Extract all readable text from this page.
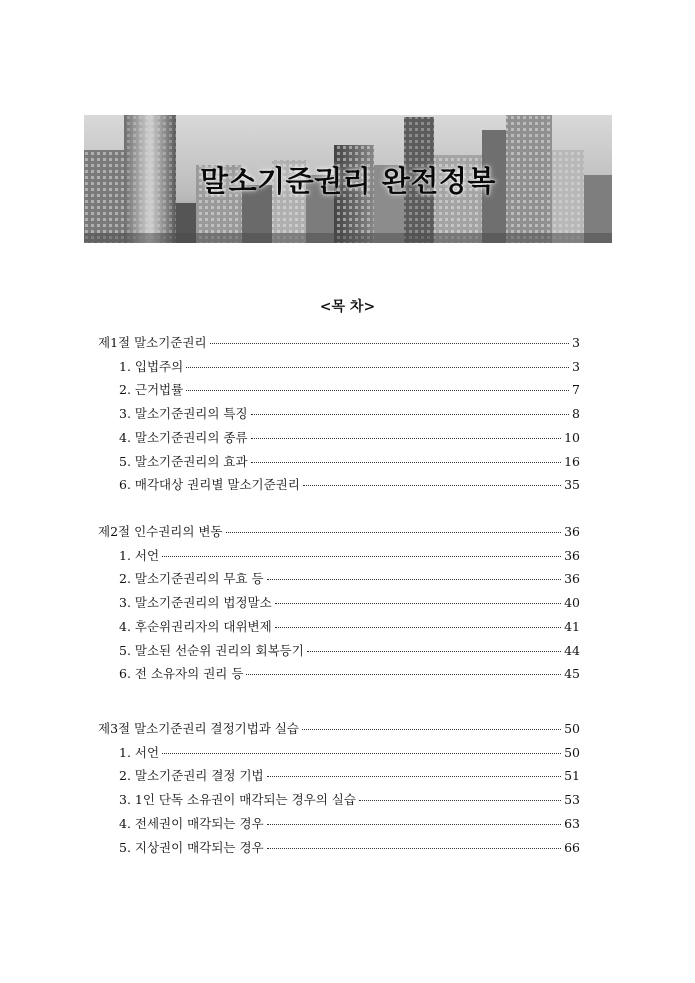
말소기준권리 완전정복
<목 차>
제1절 말소기준권리	3
1. 입법주의	3
2. 근거법률	7
3. 말소기준권리의 특징	8
4. 말소기준권리의 종류	10
5. 말소기준권리의 효과	16
6. 매각대상 권리별 말소기준권리	35
제2절 인수권리의 변동	36
1. 서언	36
2. 말소기준권리의 무효 등	36
3. 말소기준권리의 법정말소	40
4. 후순위권리자의 대위변제	41
5. 말소된 선순위 권리의 회복등기	44
6. 전 소유자의 권리 등	45
제3절 말소기준권리 결정기법과 실습	50
1. 서언	50
2. 말소기준권리 결정 기법	51
3. 1인 단독 소유권이 매각되는 경우의 실습	53
4. 전세권이 매각되는 경우	63
5. 지상권이 매각되는 경우	66
